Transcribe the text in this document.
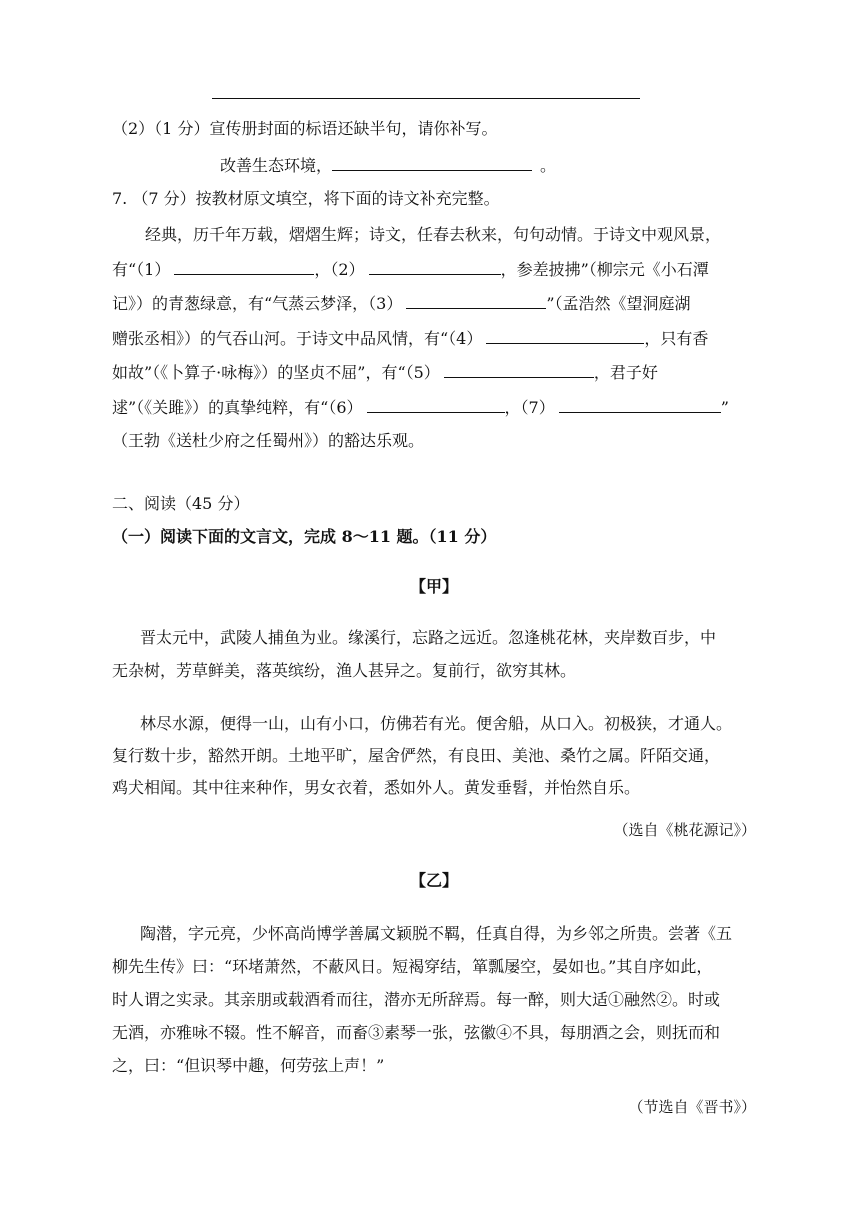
（2）（1 分）宣传册封面的标语还缺半句，请你补写。
改善生态环境，	。
7. （7 分）按教材原文填空，将下面的诗文补充完整。
经典，历千年万载，熠熠生辉；诗文，任春去秋来，句句动情。于诗文中观风景，
有“（1）	，（2）	，参差披拂”（柳宗元《小石潭
记》）的青葱绿意，有“气蒸云梦泽，（3）	”（孟浩然《望洞庭湖
赠张丞相》）的气吞山河。于诗文中品风情，有“（4）	，只有香
如故”（《卜算子·咏梅》）的坚贞不屈”，有“（5）	，君子好
逑”（《关雎》）的真挚纯粹，有“（6）	，（7）	”
（王勃《送杜少府之任蜀州》）的豁达乐观。
二、阅读（45 分）
（一）阅读下面的文言文，完成 8～11 题。（11 分）
【甲】
晋太元中，武陵人捕鱼为业。缘溪行，忘路之远近。忽逢桃花林，夹岸数百步，中
无杂树，芳草鲜美，落英缤纷，渔人甚异之。复前行，欲穷其林。
林尽水源，便得一山，山有小口，仿佛若有光。便舍船，从口入。初极狭，才通人。
复行数十步，豁然开朗。土地平旷，屋舍俨然，有良田、美池、桑竹之属。阡陌交通，
鸡犬相闻。其中往来种作，男女衣着，悉如外人。黄发垂髫，并怡然自乐。
（选自《桃花源记》）
【乙】
陶潜，字元亮，少怀高尚博学善属文颖脱不羁，任真自得，为乡邻之所贵。尝著《五
柳先生传》曰：“环堵萧然，不蔽风日。短褐穿结，箪瓢屡空，晏如也。”其自序如此，
时人谓之实录。其亲朋或载酒肴而往，潜亦无所辞焉。每一醉，则大适①融然②。时或
无酒，亦雅咏不辍。性不解音，而畜③素琴一张，弦徽④不具，每朋酒之会，则抚而和
之，曰：“但识琴中趣，何劳弦上声！”
（节选自《晋书》）
